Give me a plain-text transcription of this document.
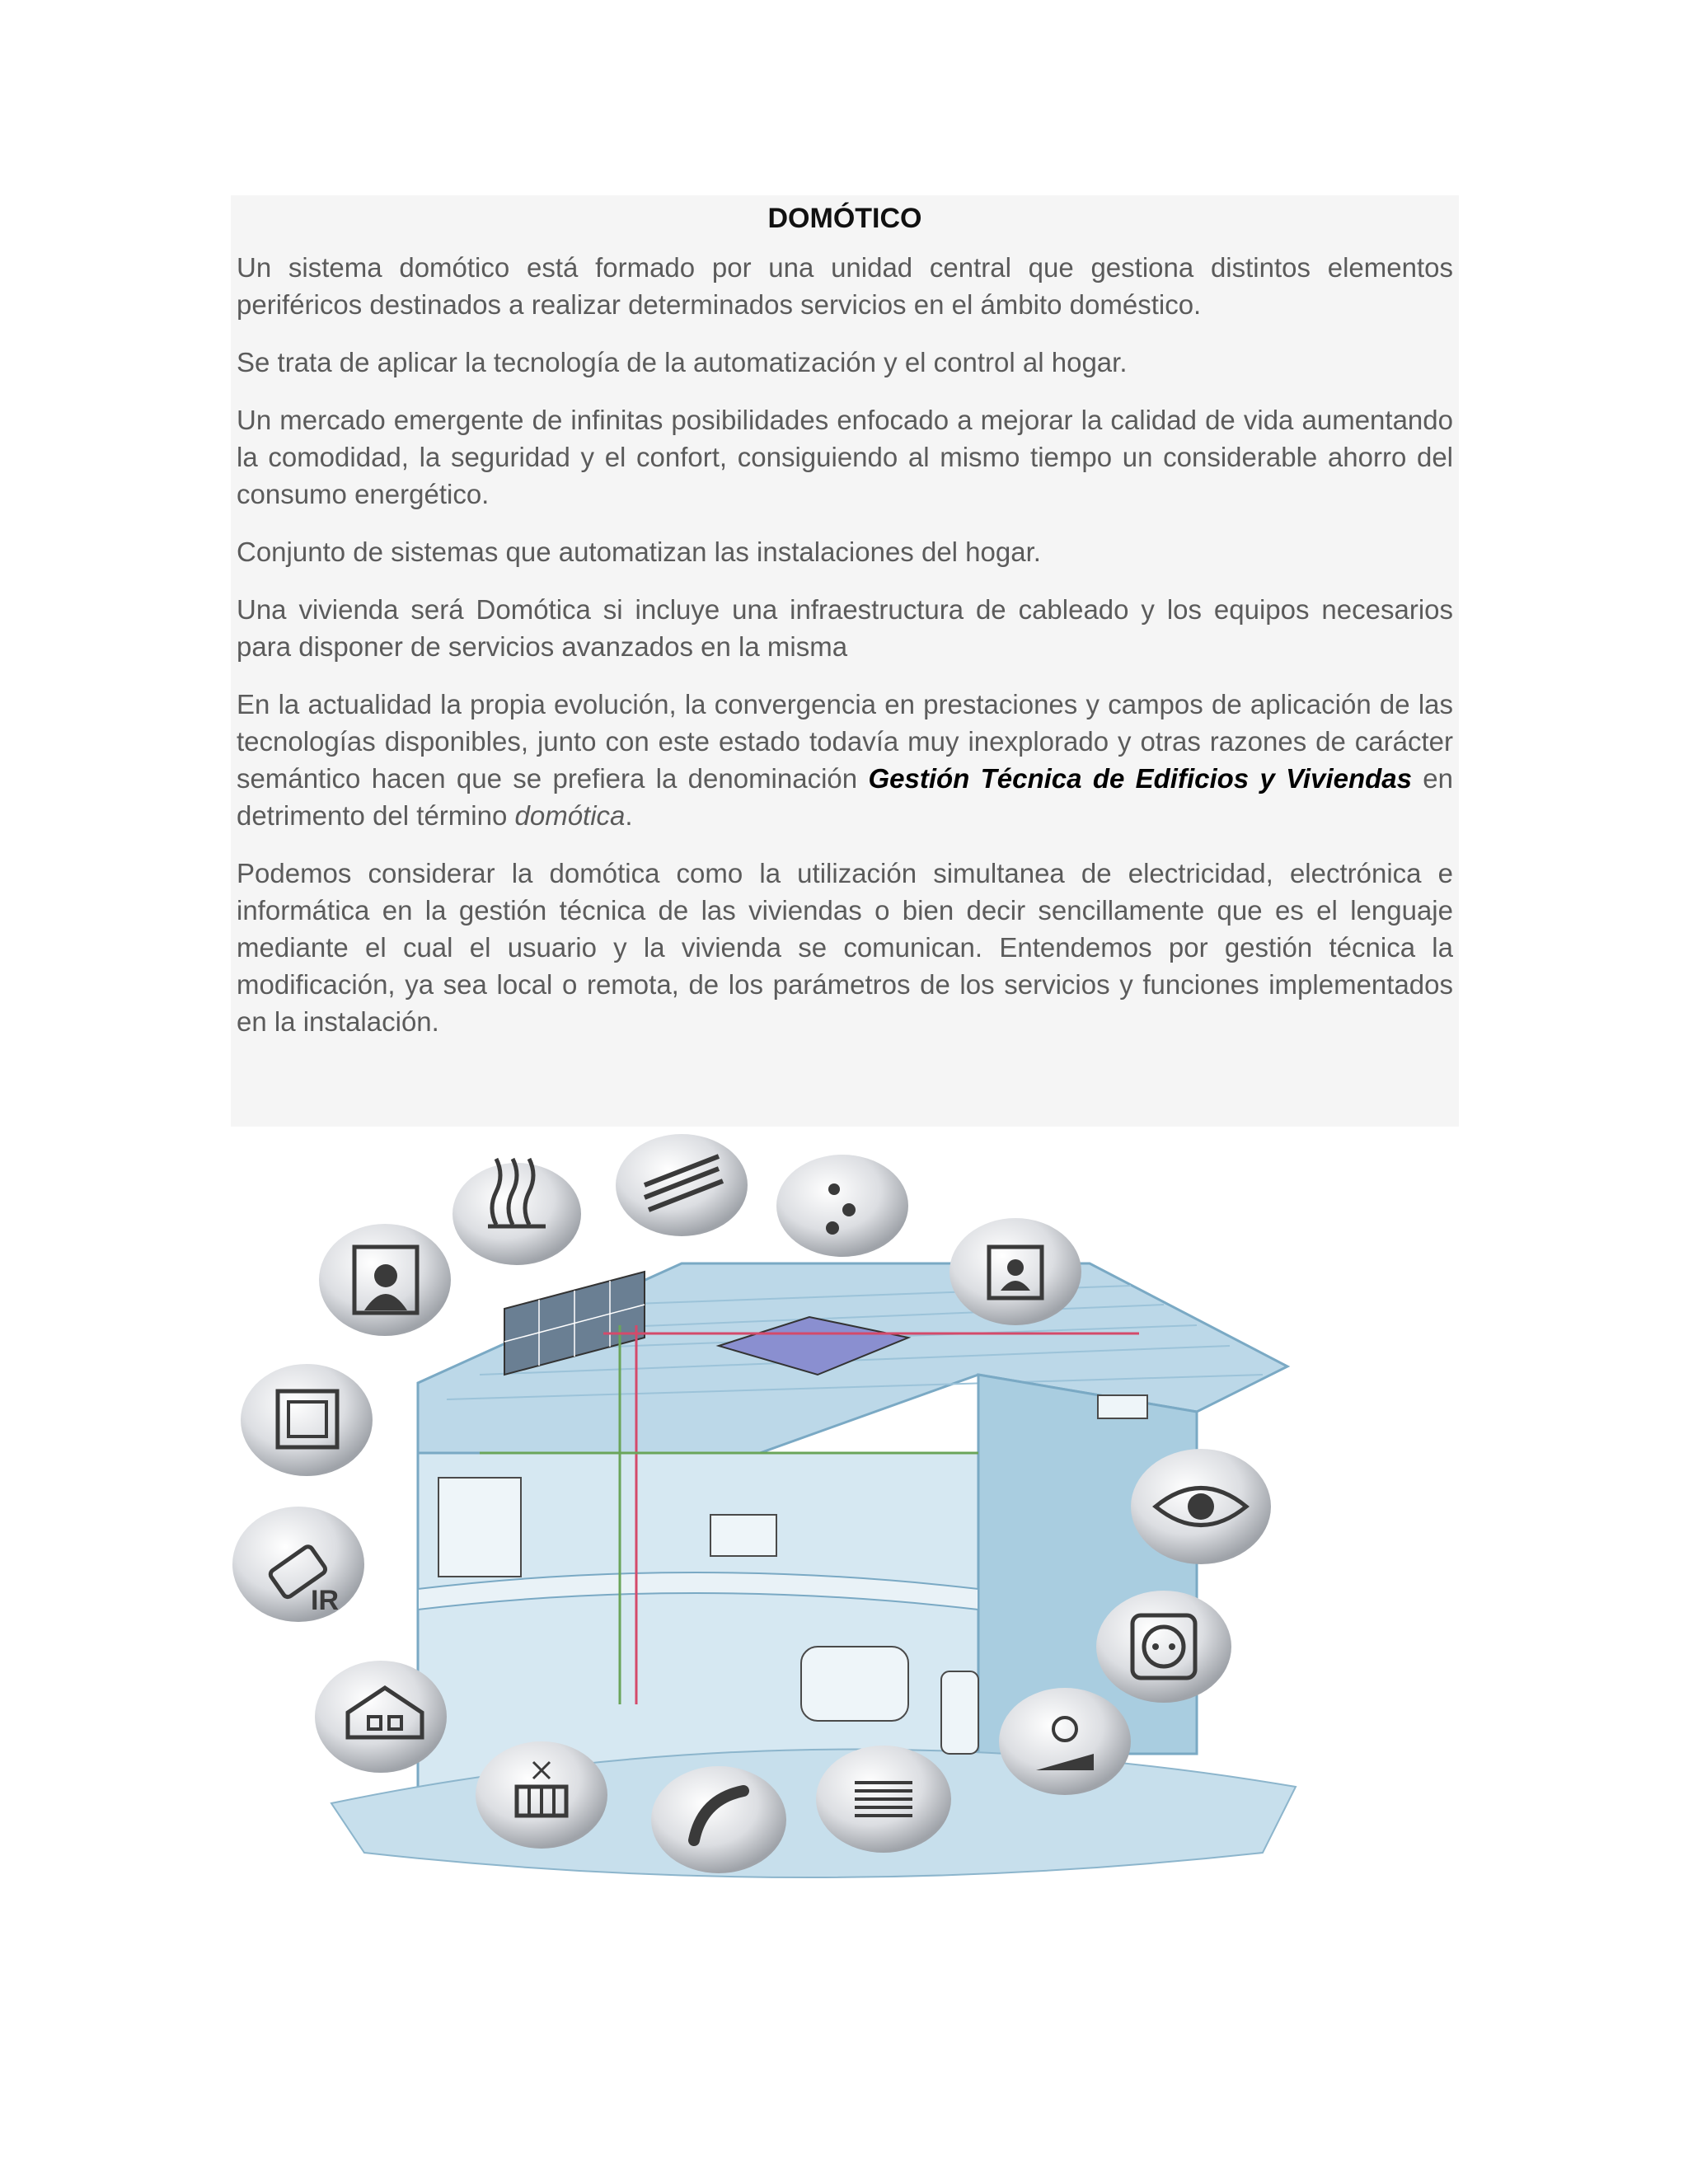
DOMÓTICO

Un sistema domótico está formado por una unidad central que gestiona distintos elementos periféricos destinados a realizar determinados servicios en el ámbito doméstico.

Se trata de aplicar la tecnología de la automatización y el control al hogar.

Un mercado emergente de infinitas posibilidades enfocado a mejorar la calidad de vida aumentando la comodidad, la seguridad y el confort, consiguiendo al mismo tiempo un considerable ahorro del consumo energético.

Conjunto de sistemas que automatizan las instalaciones del hogar.

Una vivienda será Domótica si incluye una infraestructura de cableado y los equipos necesarios para disponer de servicios avanzados en la misma

En la actualidad la propia evolución, la convergencia en prestaciones y campos de aplicación de las tecnologías disponibles, junto con este estado todavía muy inexplorado y otras razones de carácter semántico hacen que se prefiera la denominación Gestión Técnica de Edificios y Viviendas en detrimento del término domótica.

Podemos considerar la domótica como la utilización simultanea de electricidad, electrónica e informática en la gestión técnica de las viviendas o bien decir sencillamente que es el lenguaje mediante el cual el usuario y la vivienda se comunican. Entendemos por gestión técnica la modificación, ya sea local o remota, de los parámetros de los servicios y funciones implementados en la instalación.

IR
